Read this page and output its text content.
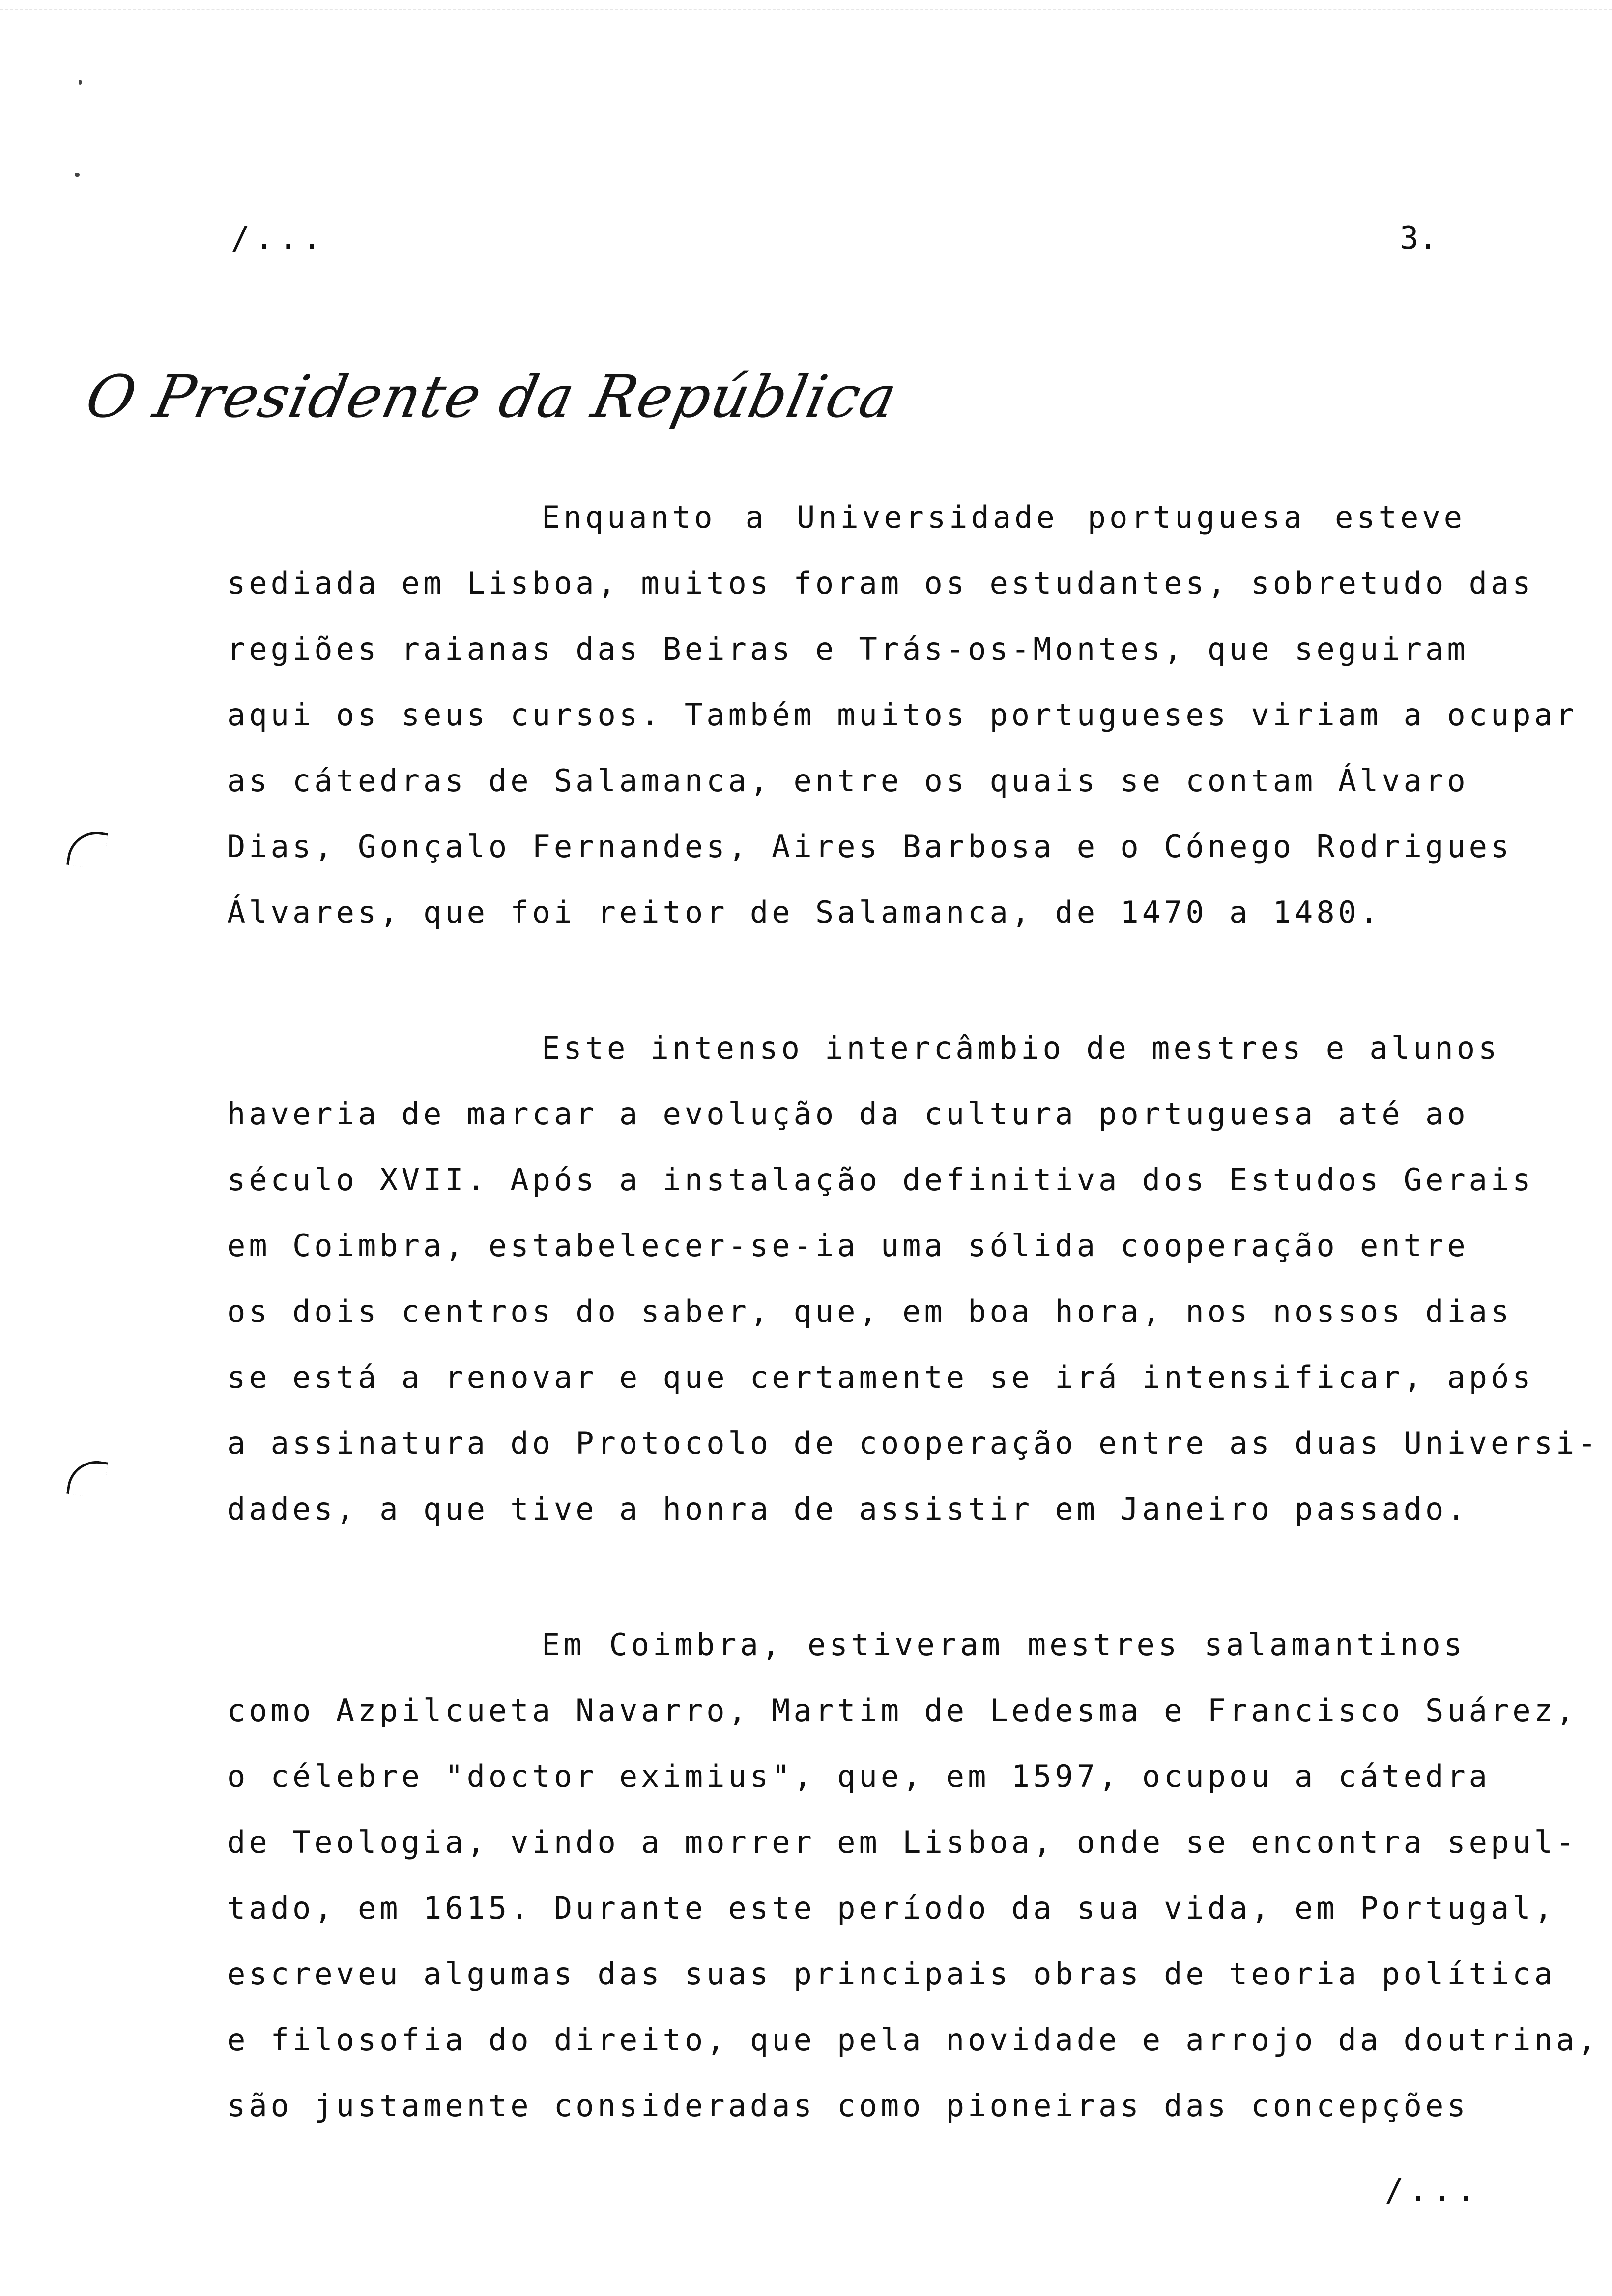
/...	3.
O Presidente da República
Enquanto a Universidade portuguesa esteve
sediada em Lisboa, muitos foram os estudantes, sobretudo das
regiões raianas das Beiras e Trás-os-Montes, que seguiram
aqui os seus cursos. Também muitos portugueses viriam a ocupar
as cátedras de Salamanca, entre os quais se contam Álvaro
Dias, Gonçalo Fernandes, Aires Barbosa e o Cónego Rodrigues
Álvares, que foi reitor de Salamanca, de 1470 a 1480.
Este intenso intercâmbio de mestres e alunos
haveria de marcar a evolução da cultura portuguesa até ao
século XVII. Após a instalação definitiva dos Estudos Gerais
em Coimbra, estabelecer-se-ia uma sólida cooperação entre
os dois centros do saber, que, em boa hora, nos nossos dias
se está a renovar e que certamente se irá intensificar, após
a assinatura do Protocolo de cooperação entre as duas Universi-
dades, a que tive a honra de assistir em Janeiro passado.
Em Coimbra, estiveram mestres salamantinos
como Azpilcueta Navarro, Martim de Ledesma e Francisco Suárez,
o célebre "doctor eximius", que, em 1597, ocupou a cátedra
de Teologia, vindo a morrer em Lisboa, onde se encontra sepul-
tado, em 1615. Durante este período da sua vida, em Portugal,
escreveu algumas das suas principais obras de teoria política
e filosofia do direito, que pela novidade e arrojo da doutrina,
são justamente consideradas como pioneiras das concepções
/...
